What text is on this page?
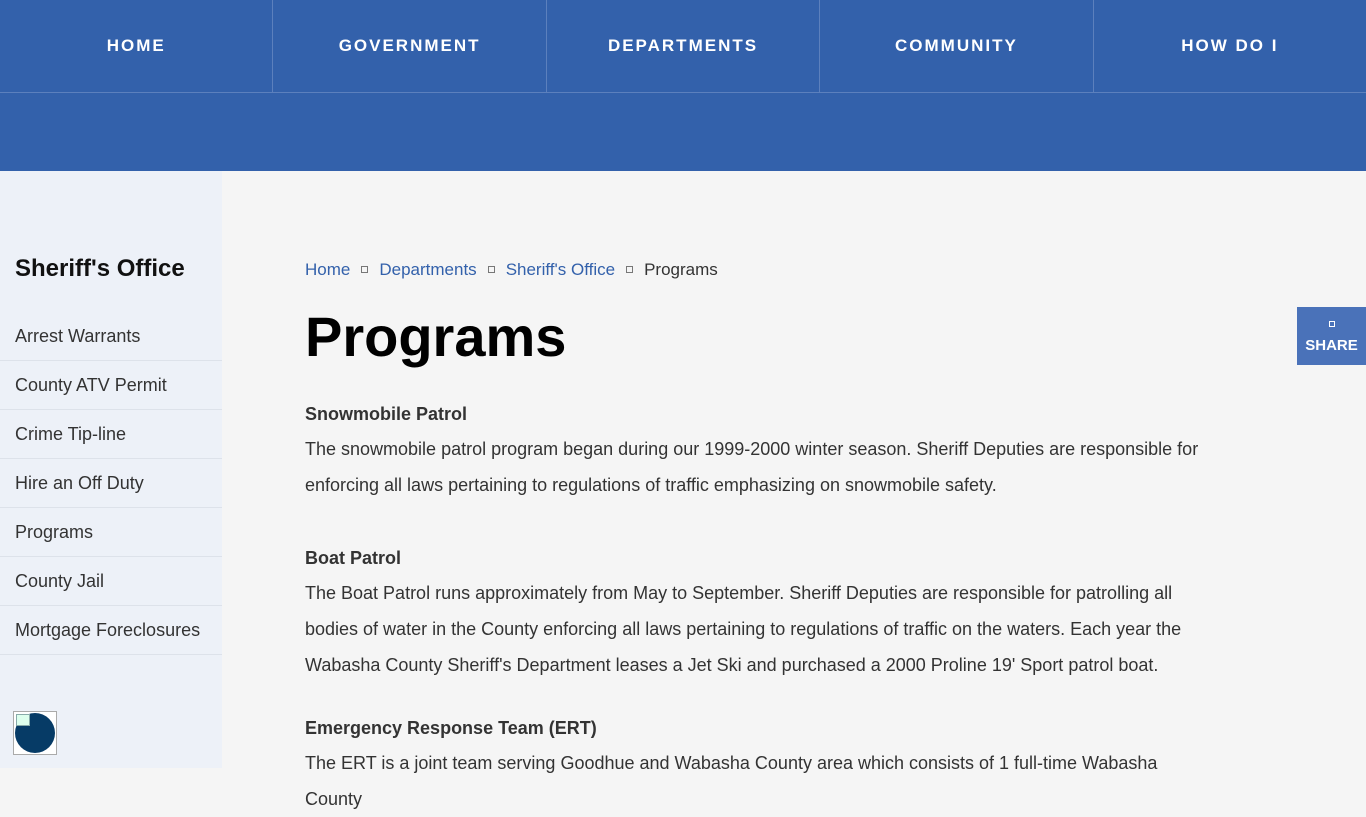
HOME	GOVERNMENT	DEPARTMENTS	COMMUNITY	HOW DO I
Sheriff's Office
Arrest Warrants
County ATV Permit
Crime Tip-line
Hire an Off Duty
Programs
County Jail
Mortgage Foreclosures
Home Departments Sheriff's Office Programs
Programs
Snowmobile Patrol

The snowmobile patrol program began during our 1999-2000 winter season. Sheriff Deputies are responsible for enforcing all laws pertaining to regulations of traffic emphasizing on snowmobile safety.

Boat Patrol

The Boat Patrol runs approximately from May to September. Sheriff Deputies are responsible for patrolling all bodies of water in the County enforcing all laws pertaining to regulations of traffic on the waters. Each year the Wabasha County Sheriff's Department leases a Jet Ski and purchased a 2000 Proline 19' Sport patrol boat.

Emergency Response Team (ERT)

The ERT is a joint team serving Goodhue and Wabasha County area which consists of 1 full-time Wabasha County

SHARE
